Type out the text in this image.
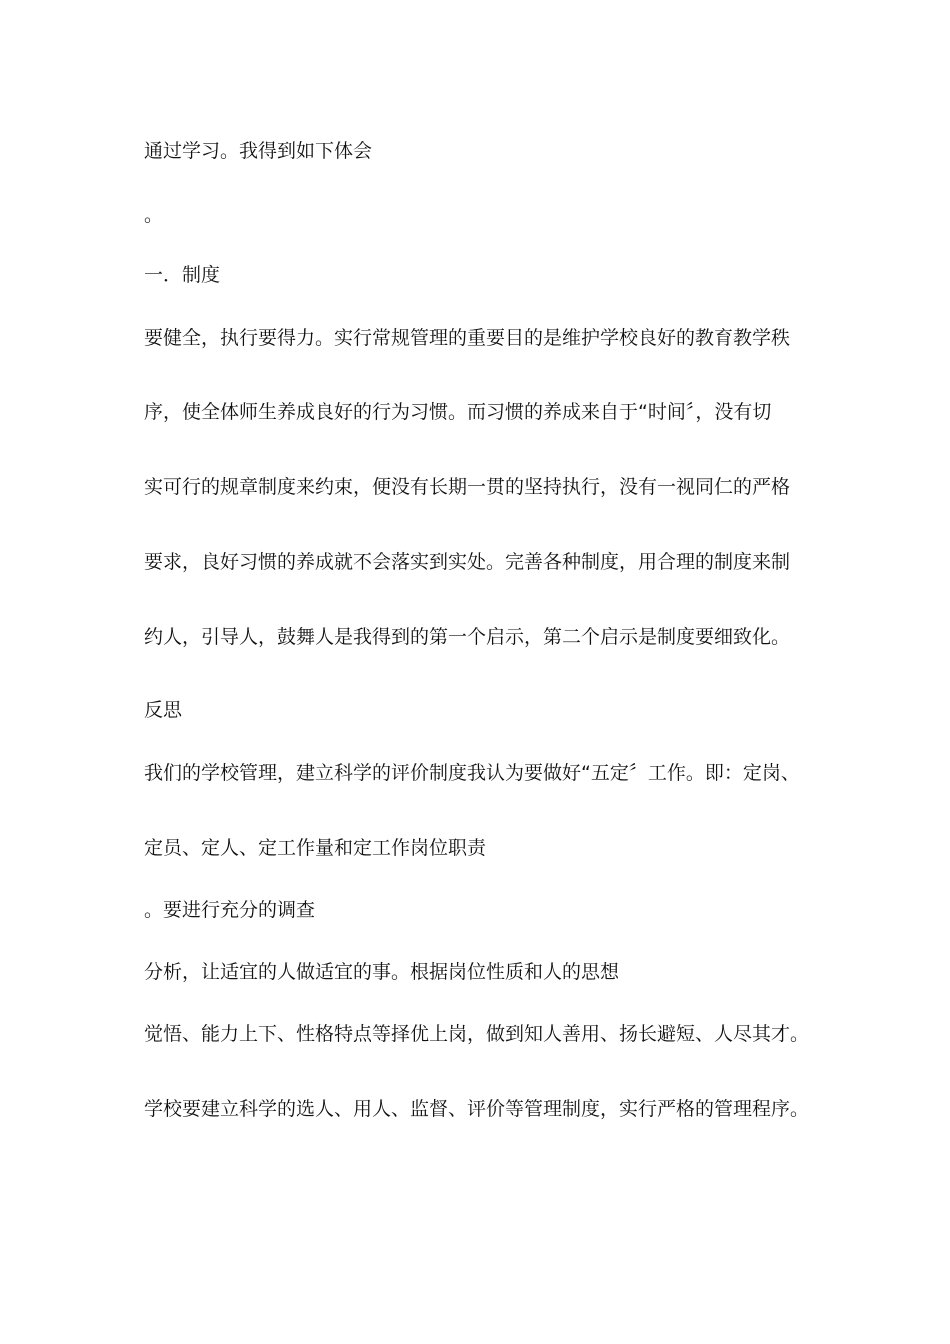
通过学习。我得到如下体会
。
一．制度
要健全，执行要得力。实行常规管理的重要目的是维护学校良好的教育教学秩
序，使全体师生养成良好的行为习惯。而习惯的养成来自于“时间〞，没有切
实可行的规章制度来约束，便没有长期一贯的坚持执行，没有一视同仁的严格
要求，良好习惯的养成就不会落实到实处。完善各种制度，用合理的制度来制
约人，引导人，鼓舞人是我得到的第一个启示，第二个启示是制度要细致化。
反思
我们的学校管理，建立科学的评价制度我认为要做好“五定〞工作。即：定岗、
定员、定人、定工作量和定工作岗位职责
。要进行充分的调查
分析，让适宜的人做适宜的事。根据岗位性质和人的思想
觉悟、能力上下、性格特点等择优上岗，做到知人善用、扬长避短、人尽其才。
学校要建立科学的选人、用人、监督、评价等管理制度，实行严格的管理程序。
